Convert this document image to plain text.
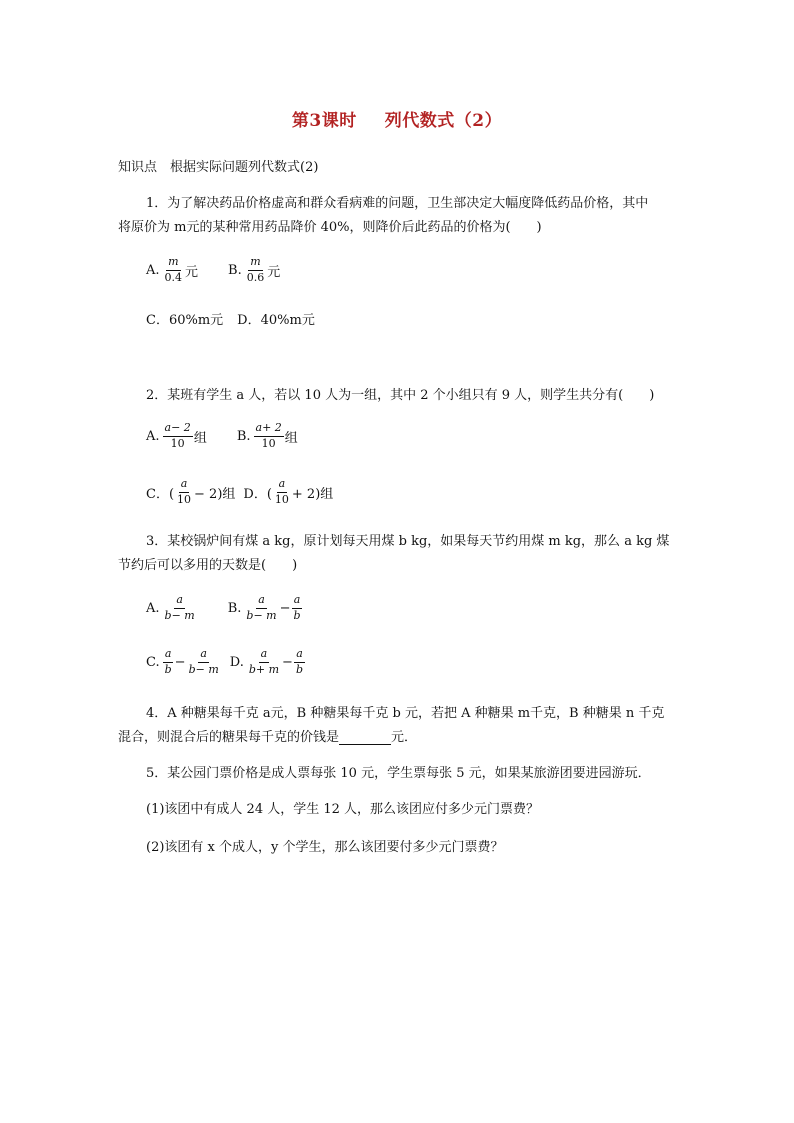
第3课时 列代数式（2）
知识点　根据实际问题列代数式(2)
1．为了解决药品价格虚高和群众看病难的问题，卫生部决定大幅度降低药品价格，其中
将原价为 m元的某种常用药品降价 40%，则降价后此药品的价格为(　　)
A. $\frac{m}{0.4}$ 元 B. $\frac{m}{0.6}$ 元
C．60%m元 D．40%m元
2．某班有学生 a 人，若以 10 人为一组，其中 2 个小组只有 9 人，则学生共分有(　　)
A. $\frac{a- 2}{10}$ 组 B. $\frac{a+ 2}{10}$ 组
C．( $\frac{a}{10} - 2$)组 D．( $\frac{a}{10} + 2$)组
3．某校锅炉间有煤 a kg，原计划每天用煤 b kg，如果每天节约用煤 m kg，那么 a kg 煤
节约后可以多用的天数是(　　)
A. $\frac{a}{b- m} B$. $\frac{a}{b- m} - \frac{a}{b}$
C. $\frac{a}{b} - \frac{a}{b- m} D$. $\frac{a}{b+ m} - \frac{a}{b}$
4．A 种糖果每千克 a元，B 种糖果每千克 b 元，若把 A 种糖果 m千克，B 种糖果 n 千克
混合，则混合后的糖果每千克的价钱是	元．
5．某公园门票价格是成人票每张 10 元，学生票每张 5 元，如果某旅游团要进园游玩．
(1)该团中有成人 24 人，学生 12 人，那么该团应付多少元门票费？
(2)该团有 x 个成人，y 个学生，那么该团要付多少元门票费？
